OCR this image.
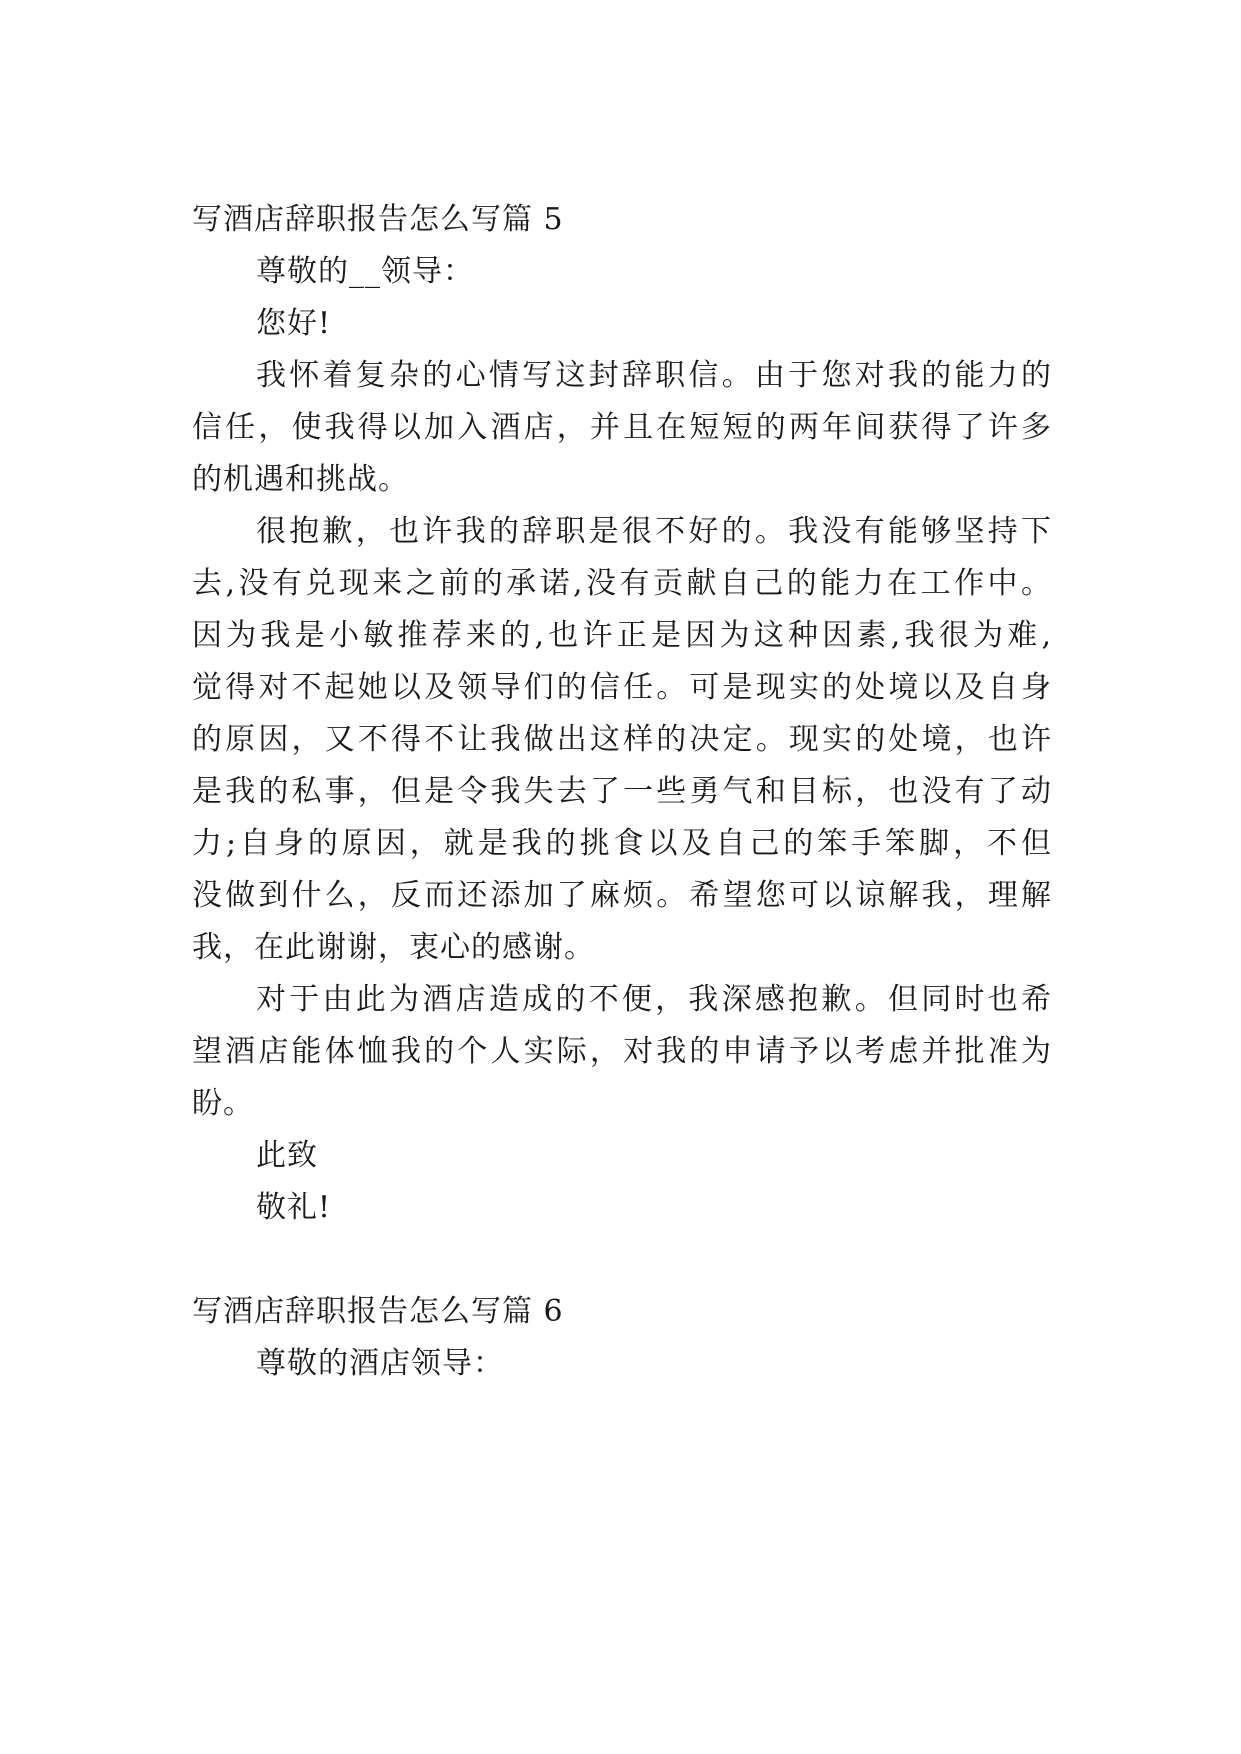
写酒店辞职报告怎么写篇 5
尊敬的__领导：
您好!
我怀着复杂的心情写这封辞职信。由于您对我的能力的
信任，使我得以加入酒店，并且在短短的两年间获得了许多
的机遇和挑战。
很抱歉，也许我的辞职是很不好的。我没有能够坚持下
去,没有兑现来之前的承诺,没有贡献自己的能力在工作中。
因为我是小敏推荐来的,也许正是因为这种因素,我很为难,
觉得对不起她以及领导们的信任。可是现实的处境以及自身
的原因，又不得不让我做出这样的决定。现实的处境，也许
是我的私事，但是令我失去了一些勇气和目标，也没有了动
力;自身的原因，就是我的挑食以及自己的笨手笨脚，不但
没做到什么，反而还添加了麻烦。希望您可以谅解我，理解
我，在此谢谢，衷心的感谢。
对于由此为酒店造成的不便，我深感抱歉。但同时也希
望酒店能体恤我的个人实际，对我的申请予以考虑并批准为
盼。
此致
敬礼!
写酒店辞职报告怎么写篇 6
尊敬的酒店领导：
